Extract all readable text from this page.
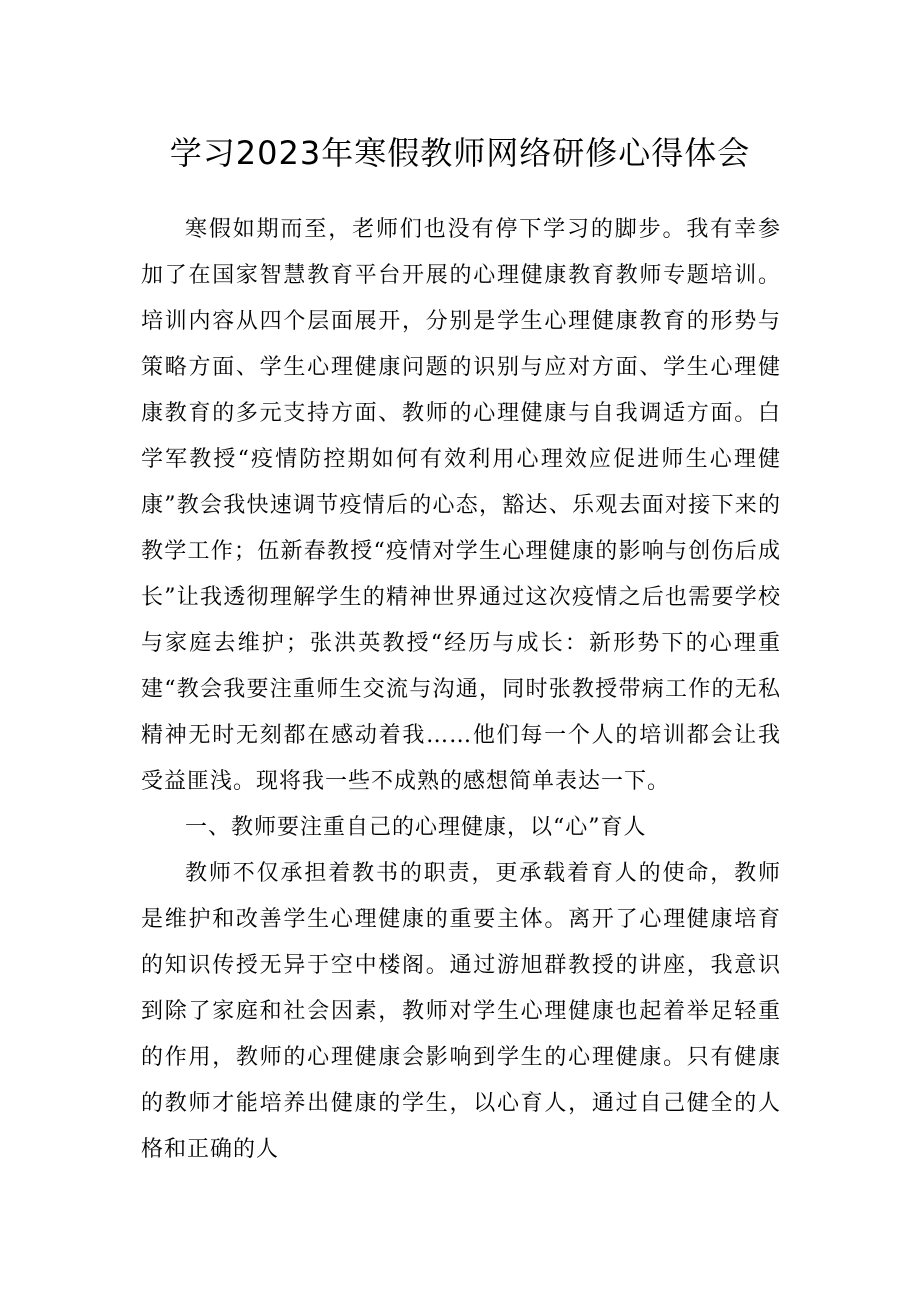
学习2023年寒假教师网络研修心得体会

寒假如期而至，老师们也没有停下学习的脚步。我有幸参加了在国家智慧教育平台开展的心理健康教育教师专题培训。培训内容从四个层面展开，分别是学生心理健康教育的形势与策略方面、学生心理健康问题的识别与应对方面、学生心理健康教育的多元支持方面、教师的心理健康与自我调适方面。白学军教授“疫情防控期如何有效利用心理效应促进师生心理健康”教会我快速调节疫情后的心态，豁达、乐观去面对接下来的教学工作；伍新春教授“疫情对学生心理健康的影响与创伤后成长”让我透彻理解学生的精神世界通过这次疫情之后也需要学校与家庭去维护；张洪英教授“经历与成长：新形势下的心理重建“教会我要注重师生交流与沟通，同时张教授带病工作的无私精神无时无刻都在感动着我……他们每一个人的培训都会让我受益匪浅。现将我一些不成熟的感想简单表达一下。

一、教师要注重自己的心理健康，以“心”育人

教师不仅承担着教书的职责，更承载着育人的使命，教师是维护和改善学生心理健康的重要主体。离开了心理健康培育的知识传授无异于空中楼阁。通过游旭群教授的讲座，我意识到除了家庭和社会因素，教师对学生心理健康也起着举足轻重的作用，教师的心理健康会影响到学生的心理健康。只有健康的教师才能培养出健康的学生，以心育人，通过自己健全的人格和正确的人
